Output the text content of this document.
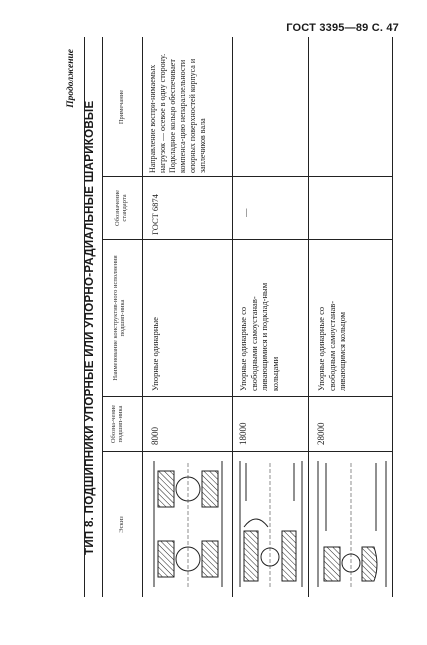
ГОСТ 3395—89 С. 47
Продолжение
ТИП 8. ПОДШИПНИКИ УПОРНЫЕ ИЛИ УПОРНО-РАДИАЛЬНЫЕ ШАРИКОВЫЕ	Эскиз
Обозна-чение подшип-ника
Наименование конструктив-ного исполнения подшип-ника
Обозначение стандарта
Примечание
8000
Упорные одинарные
ГОСТ 6874
Направление воспри-нимаемых нагрузок — осевое в одну сторону. Подкладное кольцо обеспечивает компенса-цию непараллельности опорных поверхностей корпуса и заплечиков вала
18000
Упорные одинарные со свободными самоустанав-ливающимися и подклад-ным кольцами
—
28000
Упорные одинарные со свободным самоустанав-ливающимся кольцом
